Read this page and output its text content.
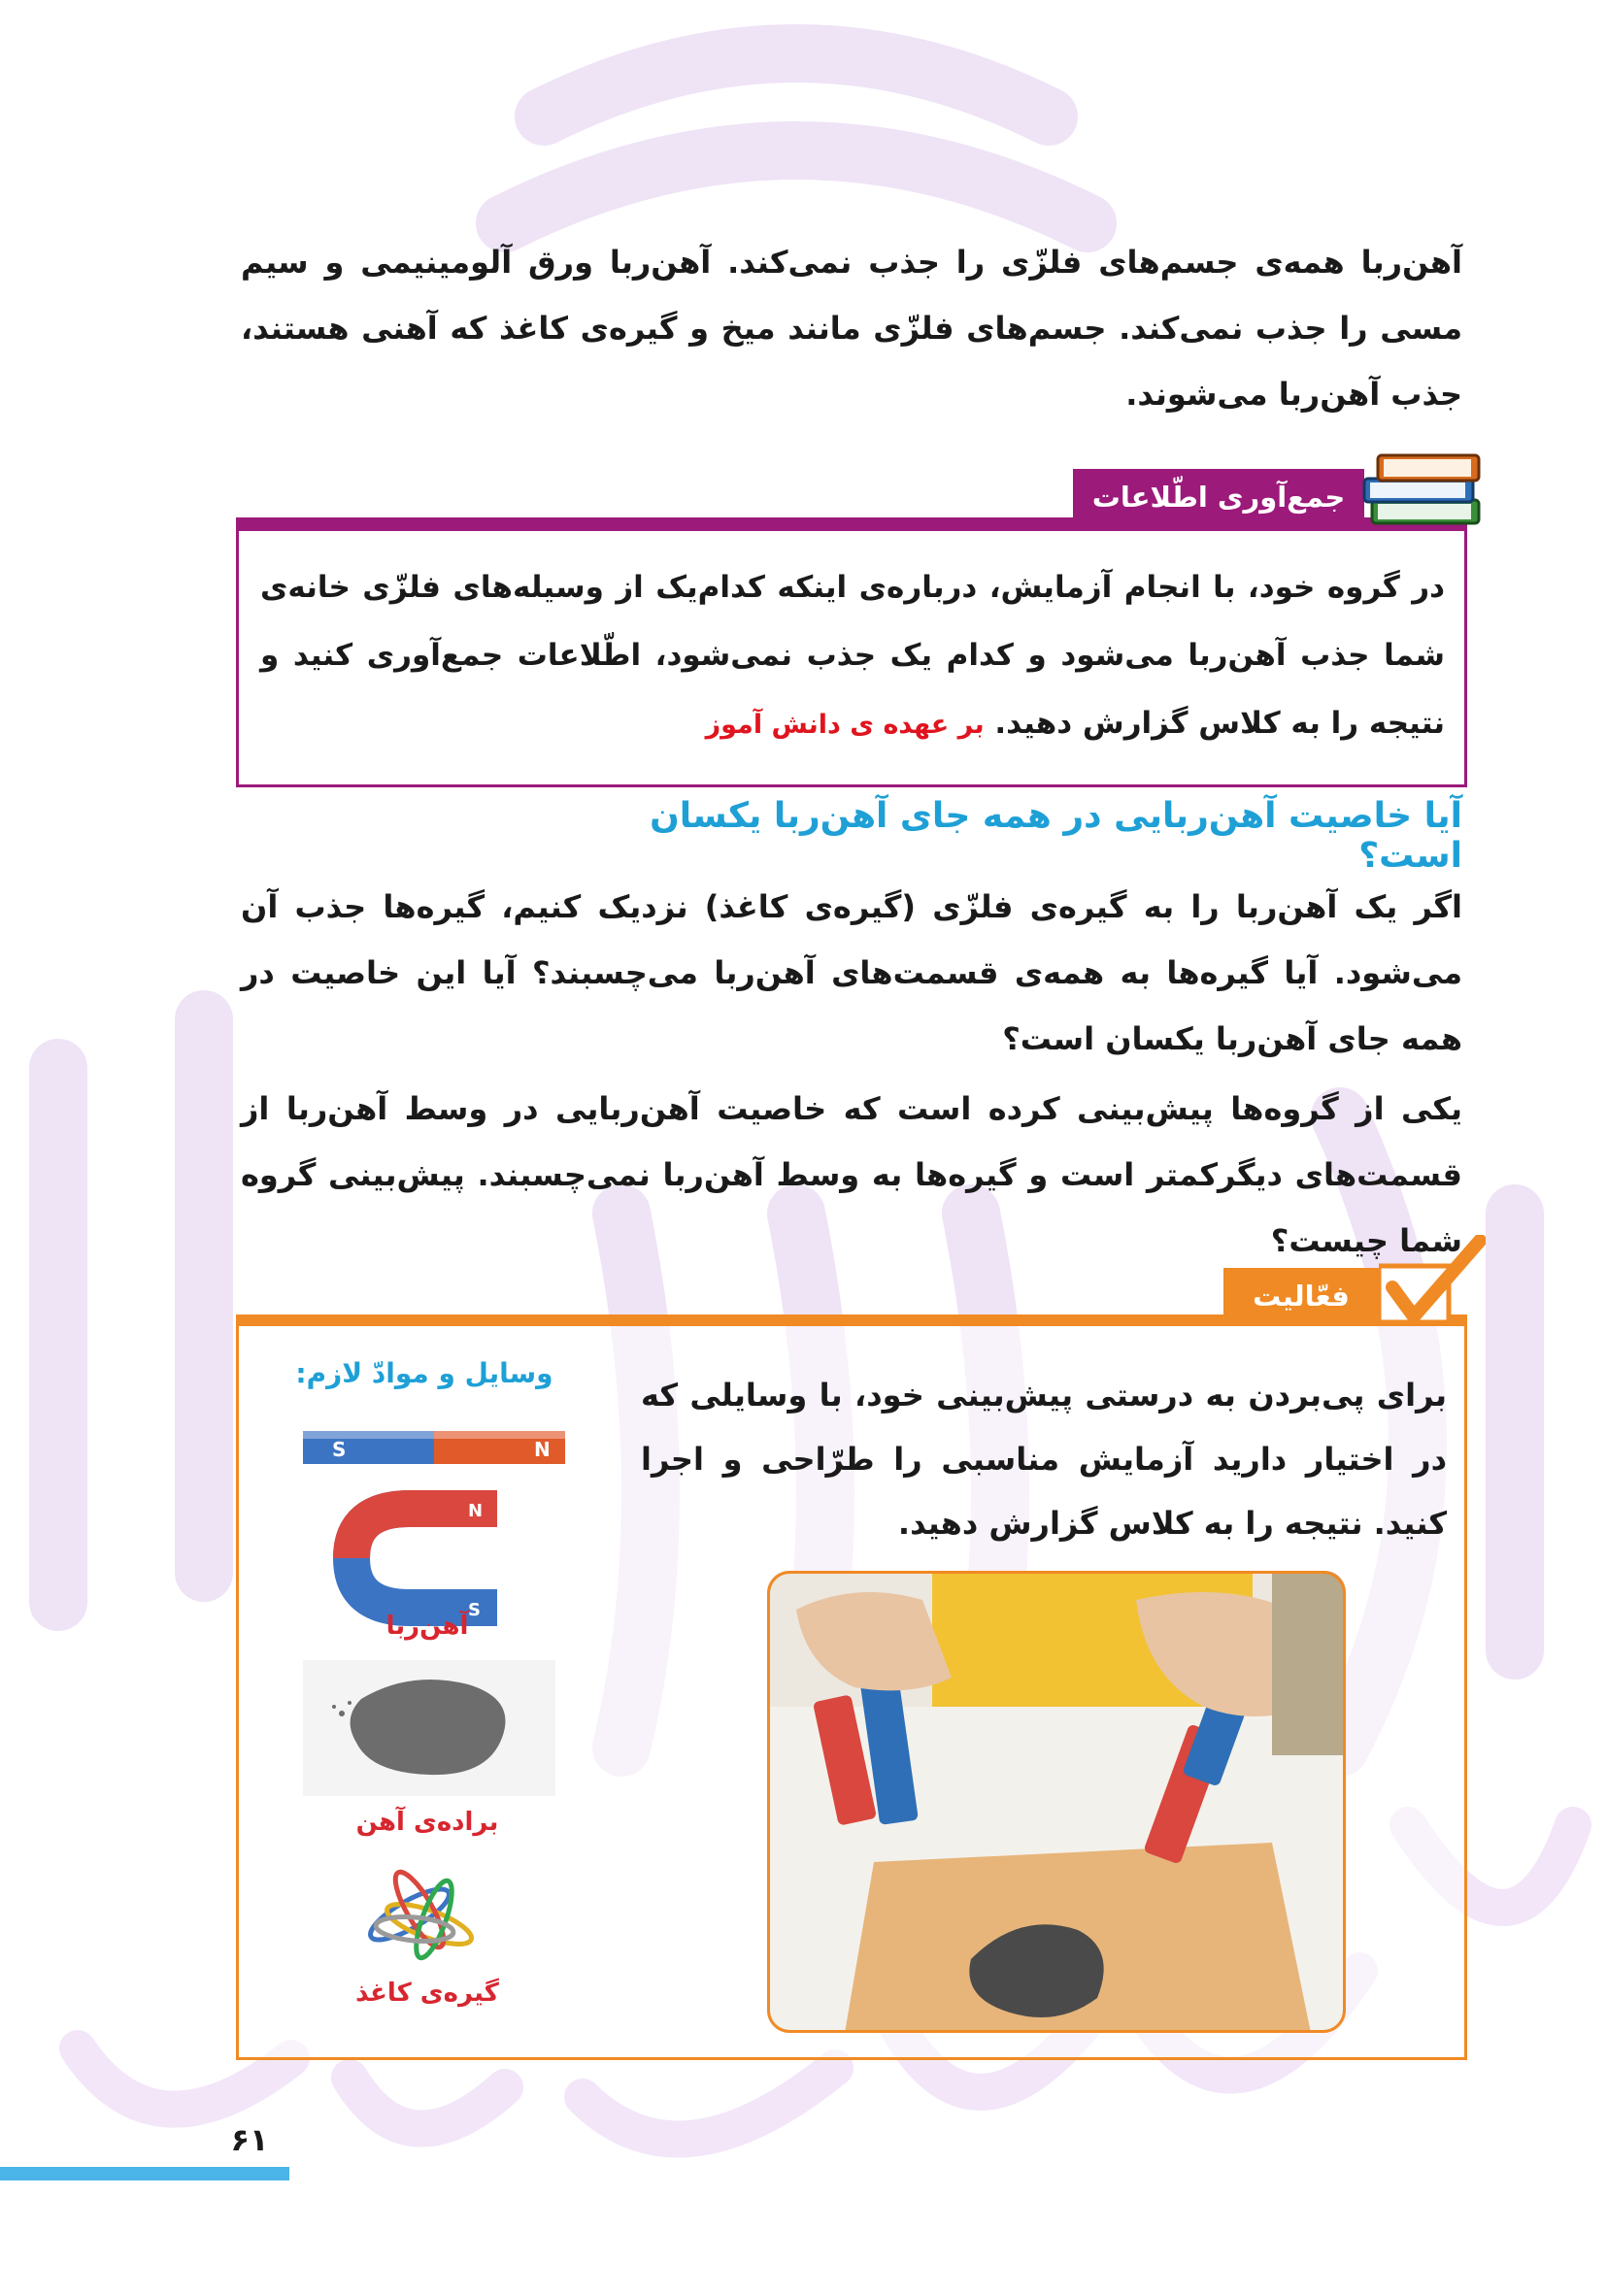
آهن‌ربا همه‌ی جسم‌های فلزّی را جذب نمی‌کند. آهن‌ربا ورق آلومینیمی و سیم مسی را جذب نمی‌کند. جسم‌های فلزّی مانند میخ و گیره‌ی کاغذ که آهنی هستند، جذب آهن‌ربا می‌شوند.
جمع‌آوری اطّلاعات
در گروه خود، با انجام آزمایش، درباره‌ی اینکه کدام‌یک از وسیله‌های فلزّی خانه‌ی شما جذب آهن‌ربا می‌شود و کدام یک جذب نمی‌شود، اطّلاعات جمع‌آوری کنید و نتیجه را به کلاس گزارش دهید. بر عهده ی دانش آموز
آیا خاصیت آهن‌ربایی در همه جای آهن‌ربا یکسان است؟
اگر یک آهن‌ربا را به گیره‌ی فلزّی (گیره‌ی کاغذ) نزدیک کنیم، گیره‌ها جذب آن می‌شود. آیا گیره‌ها به همه‌ی قسمت‌های آهن‌ربا می‌چسبند؟ آیا این خاصیت در همه جای آهن‌ربا یکسان است؟
یکی از گروه‌ها پیش‌بینی کرده است که خاصیت آهن‌ربایی در وسط آهن‌ربا از قسمت‌های دیگرکمتر است و گیره‌ها به وسط آهن‌ربا نمی‌چسبند. پیش‌بینی گروه شما چیست؟
فعّالیت
برای پی‌بردن به درستی پیش‌بینی خود، با وسایلی که در اختیار دارید آزمایش مناسبی را طرّاحی و اجرا کنید. نتیجه را به کلاس گزارش دهید.
وسایل و موادّ لازم:
S	N
N
S
آهن‌ربا
براده‌ی آهن
گیره‌ی کاغذ
۶۱
